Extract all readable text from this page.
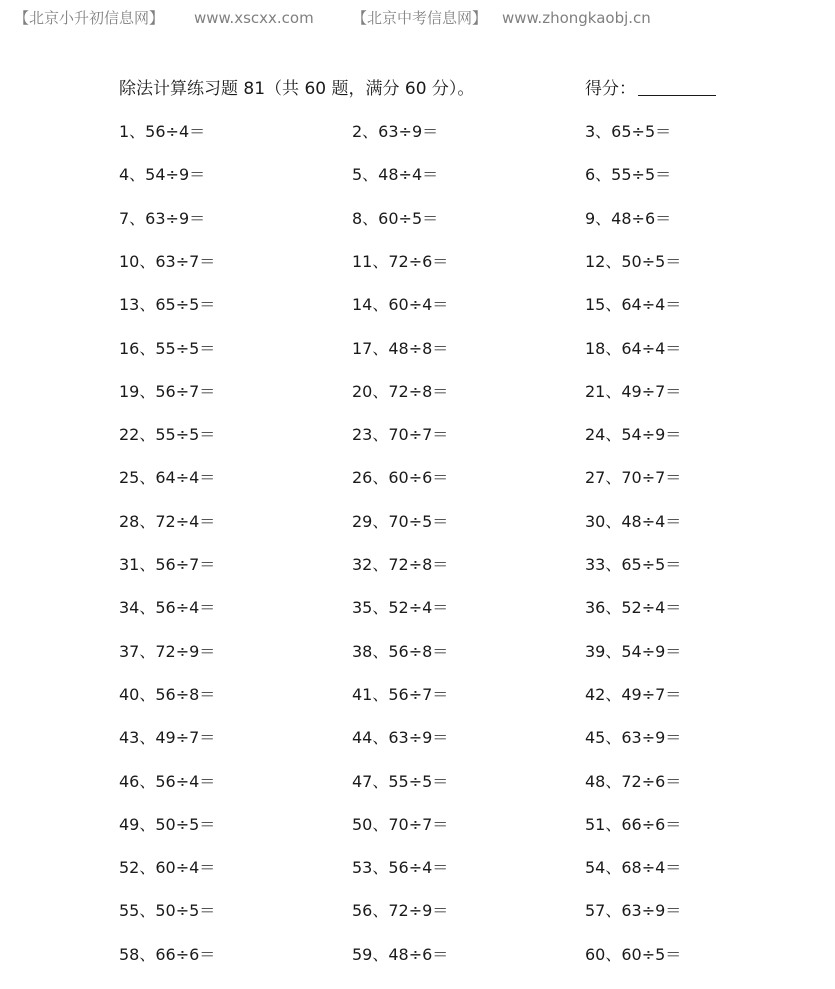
【北京小升初信息网】 www.xscxx.com	【北京中考信息网】 www.zhongkaobj.cn
除法计算练习题 81（共 60 题，满分 60 分）。	得分：
1、56÷4＝	2、63÷9＝	3、65÷5＝
4、54÷9＝	5、48÷4＝	6、55÷5＝
7、63÷9＝	8、60÷5＝	9、48÷6＝
10、63÷7＝	11、72÷6＝	12、50÷5＝
13、65÷5＝	14、60÷4＝	15、64÷4＝
16、55÷5＝	17、48÷8＝	18、64÷4＝
19、56÷7＝	20、72÷8＝	21、49÷7＝
22、55÷5＝	23、70÷7＝	24、54÷9＝
25、64÷4＝	26、60÷6＝	27、70÷7＝
28、72÷4＝	29、70÷5＝	30、48÷4＝
31、56÷7＝	32、72÷8＝	33、65÷5＝
34、56÷4＝	35、52÷4＝	36、52÷4＝
37、72÷9＝	38、56÷8＝	39、54÷9＝
40、56÷8＝	41、56÷7＝	42、49÷7＝
43、49÷7＝	44、63÷9＝	45、63÷9＝
46、56÷4＝	47、55÷5＝	48、72÷6＝
49、50÷5＝	50、70÷7＝	51、66÷6＝
52、60÷4＝	53、56÷4＝	54、68÷4＝
55、50÷5＝	56、72÷9＝	57、63÷9＝
58、66÷6＝	59、48÷6＝	60、60÷5＝
